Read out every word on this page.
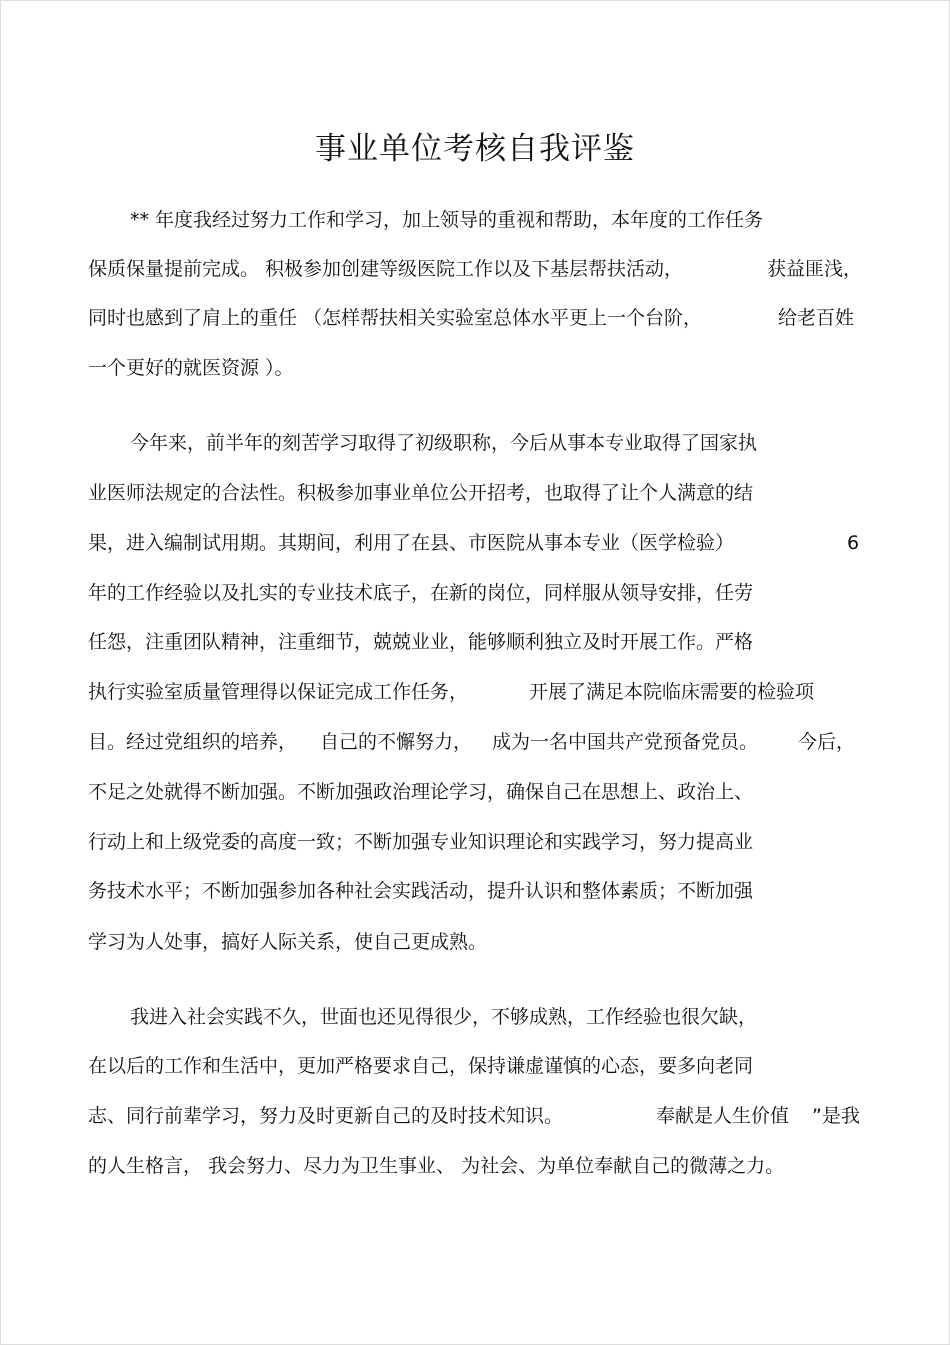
事业单位考核自我评鉴
** 年度我经过努力工作和学习，加上领导的重视和帮助，本年度的工作任务
保质保量提前完成。 积极参加创建等级医院工作以及下基层帮扶活动，	获益匪浅，
同时也感到了肩上的重任 （怎样帮扶相关实验室总体水平更上一个台阶，	给老百姓
一个更好的就医资源 ）。
今年来，前半年的刻苦学习取得了初级职称，今后从事本专业取得了国家执
业医师法规定的合法性。积极参加事业单位公开招考，也取得了让个人满意的结
果，进入编制试用期。其期间，利用了在县、市医院从事本专业（医学检验）	6
年的工作经验以及扎实的专业技术底子，在新的岗位，同样服从领导安排，任劳
任怨，注重团队精神，注重细节，兢兢业业，能够顺利独立及时开展工作。严格
执行实验室质量管理得以保证完成工作任务，	开展了满足本院临床需要的检验项
目。经过党组织的培养， 自己的不懈努力， 成为一名中国共产党预备党员。 今后，
不足之处就得不断加强。不断加强政治理论学习，确保自己在思想上、政治上、
行动上和上级党委的高度一致；不断加强专业知识理论和实践学习，努力提高业
务技术水平；不断加强参加各种社会实践活动，提升认识和整体素质；不断加强
学习为人处事，搞好人际关系，使自己更成熟。
我进入社会实践不久，世面也还见得很少，不够成熟，工作经验也很欠缺，
在以后的工作和生活中，更加严格要求自己，保持谦虚谨慎的心态，要多向老同
志、同行前辈学习，努力及时更新自己的及时技术知识。	奉献是人生价值 ”是我
的人生格言， 我会努力、尽力为卫生事业、 为社会、为单位奉献自己的微薄之力。
